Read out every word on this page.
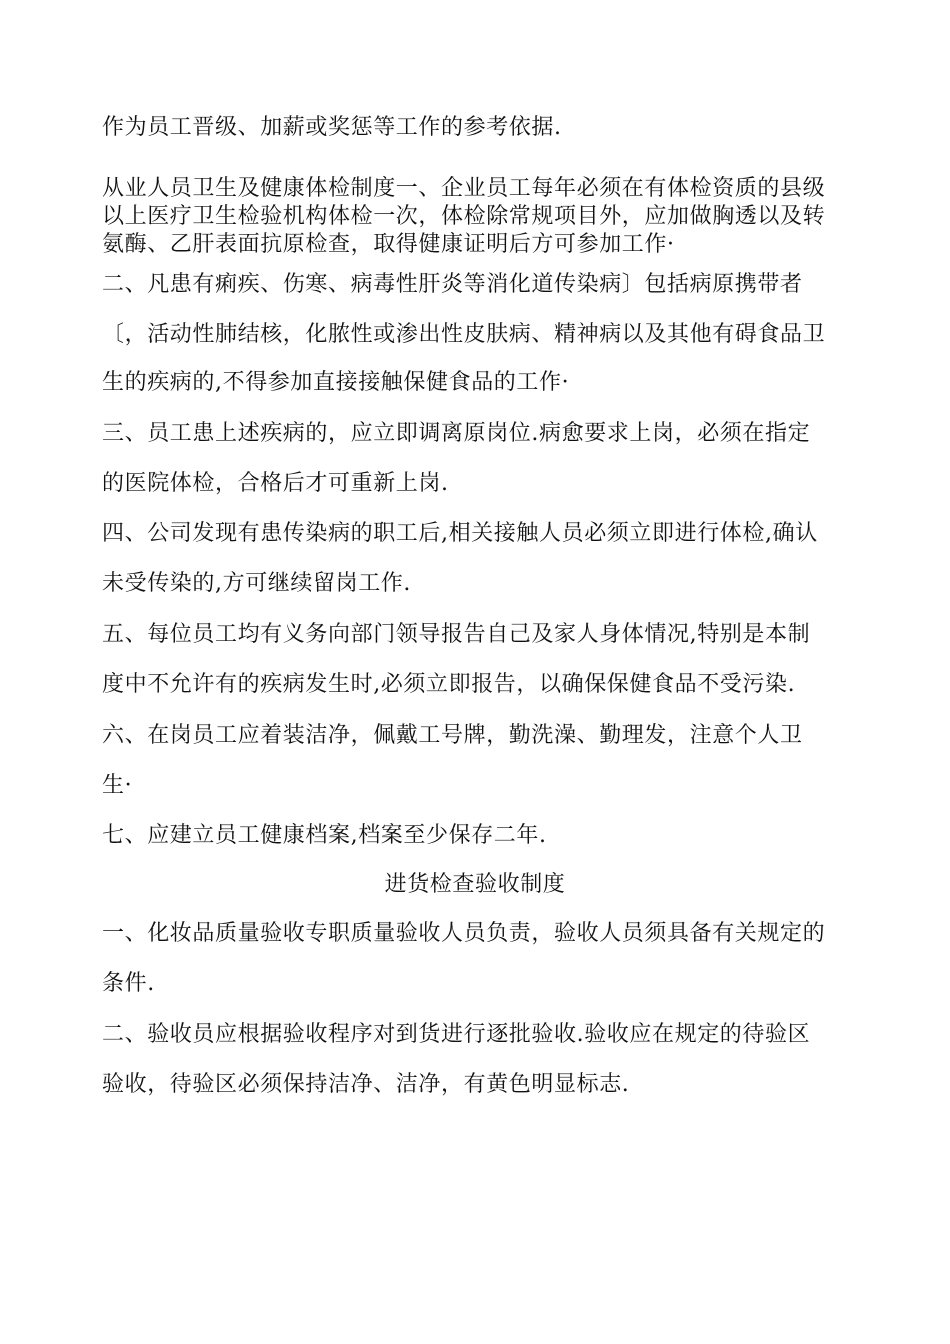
作为员工晋级、加薪或奖惩等工作的参考依据.
从业人员卫生及健康体检制度一、企业员工每年必须在有体检资质的县级
以上医疗卫生检验机构体检一次，体检除常规项目外，应加做胸透以及转
氨酶、乙肝表面抗原检查，取得健康证明后方可参加工作·
二、凡患有痢疾、伤寒、病毒性肝炎等消化道传染病〕包括病原携带者
〔，活动性肺结核，化脓性或渗出性皮肤病、精神病以及其他有碍食品卫
生的疾病的,不得参加直接接触保健食品的工作·
三、员工患上述疾病的，应立即调离原岗位.病愈要求上岗，必须在指定
的医院体检，合格后才可重新上岗.
四、公司发现有患传染病的职工后,相关接触人员必须立即进行体检,确认
未受传染的,方可继续留岗工作.
五、每位员工均有义务向部门领导报告自己及家人身体情况,特别是本制
度中不允许有的疾病发生时,必须立即报告，以确保保健食品不受污染.
六、在岗员工应着装洁净，佩戴工号牌，勤洗澡、勤理发，注意个人卫
生·
七、应建立员工健康档案,档案至少保存二年.
进货检查验收制度
一、化妆品质量验收专职质量验收人员负责，验收人员须具备有关规定的
条件.
二、验收员应根据验收程序对到货进行逐批验收.验收应在规定的待验区
验收，待验区必须保持洁净、洁净，有黄色明显标志.
